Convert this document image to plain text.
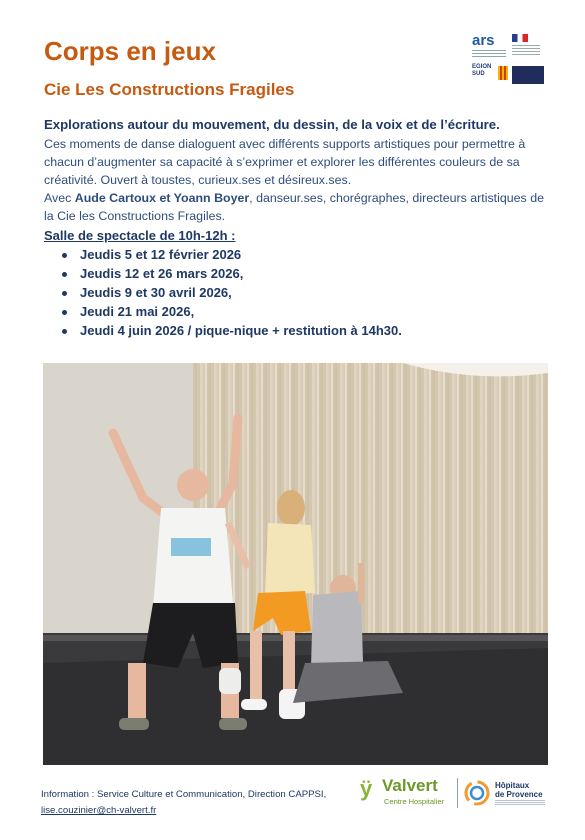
Corps en jeux
Cie Les Constructions Fragiles
ars
EGION SUD

Explorations autour du mouvement, du dessin, de la voix et de l’écriture.

Ces moments de danse dialoguent avec différents supports artistiques pour permettre à chacun d’augmenter sa capacité à s’exprimer et explorer les différentes couleurs de sa créativité. Ouvert à toustes, curieux.ses et désireux.ses.
Avec Aude Cartoux et Yoann Boyer, danseur.ses, chorégraphes, directeurs artistiques de la Cie les Constructions Fragiles.

Salle de spectacle de 10h-12h :

Jeudis 5 et 12 février 2026
Jeudis 12 et 26 mars 2026,
Jeudis 9 et 30 avril 2026,
Jeudi 21 mai 2026,
Jeudi 4 juin 2026 / pique-nique + restitution à 14h30.
Information : Service Culture et Communication, Direction CAPPSI,
lise.couzinier@ch-valvert.fr
ÿ Valvert
Centre Hospitalier
Hôpitaux
de Provence
